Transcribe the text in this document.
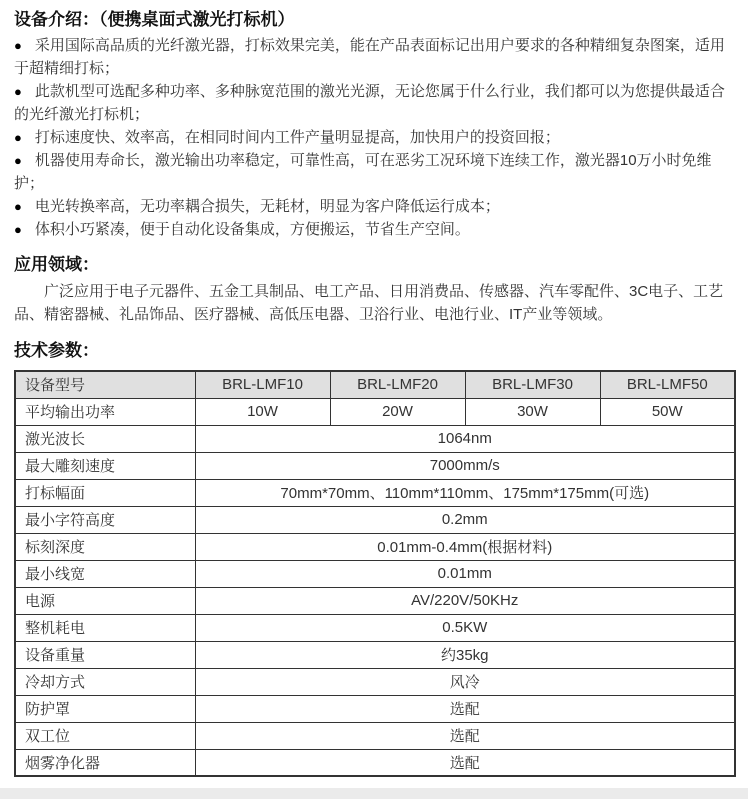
设备介绍：（便携桌面式激光打标机）
● 采用国际高品质的光纤激光器，打标效果完美，能在产品表面标记出用户要求的各种精细复杂图案，适用于超精细打标；
● 此款机型可选配多种功率、多种脉宽范围的激光光源，无论您属于什么行业，我们都可以为您提供最适合的光纤激光打标机；
● 打标速度快、效率高，在相同时间内工件产量明显提高，加快用户的投资回报；
● 机器使用寿命长，激光输出功率稳定，可靠性高，可在恶劣工况环境下连续工作，激光器10万小时免维护；
● 电光转换率高，无功率耦合损失，无耗材，明显为客户降低运行成本；
● 体积小巧紧凑，便于自动化设备集成，方便搬运，节省生产空间。
应用领域：

广泛应用于电子元器件、五金工具制品、电工产品、日用消费品、传感器、汽车零配件、3C电子、工艺品、精密器械、礼品饰品、医疗器械、高低压电器、卫浴行业、电池行业、IT产业等领域。

技术参数：
设备型号	BRL-LMF10	BRL-LMF20	BRL-LMF30	BRL-LMF50
平均输出功率	10W	20W	30W	50W
激光波长	1064nm			
最大雕刻速度	7000mm/s			
打标幅面	70mm*70mm、110mm*110mm、175mm*175mm(可选)			
最小字符高度	0.2mm			
标刻深度	0.01mm-0.4mm(根据材料)			
最小线宽	0.01mm			
电源	AV/220V/50KHz			
整机耗电	0.5KW			
设备重量	约35kg			
冷却方式	风冷			
防护罩	选配			
双工位	选配			
烟雾净化器	选配			
